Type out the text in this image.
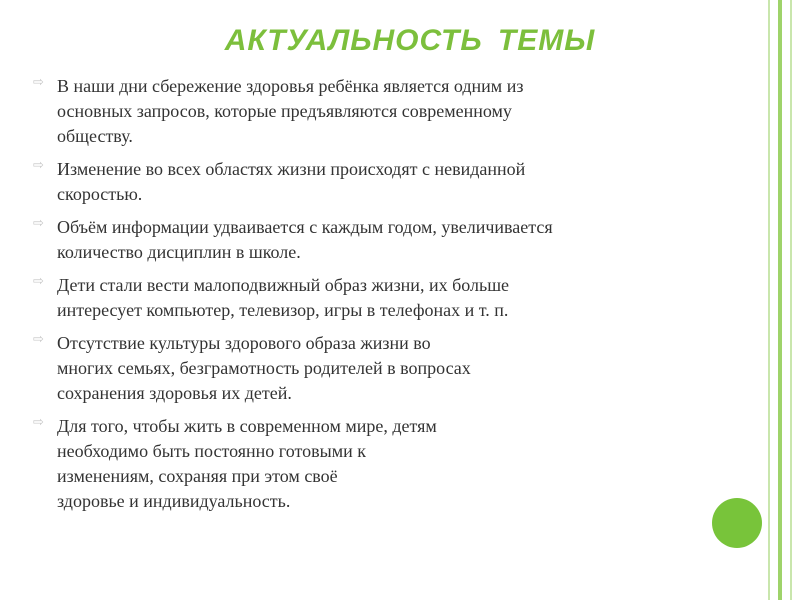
АКТУАЛЬНОСТЬ ТЕМЫ
⇨ В наши дни сбережение здоровья ребёнка является одним из
основных запросов, которые предъявляются современному
обществу.
⇨ Изменение во всех областях жизни происходят с невиданной
скоростью.
⇨ Объём информации удваивается с каждым годом, увеличивается
количество дисциплин в школе.
⇨ Дети стали вести малоподвижный образ жизни, их больше
интересует компьютер, телевизор, игры в телефонах и т. п.
⇨ Отсутствие культуры здорового образа жизни во
многих семьях, безграмотность родителей в вопросах
сохранения здоровья их детей.
⇨ Для того, чтобы жить в современном мире, детям
необходимо быть постоянно готовыми к
изменениям, сохраняя при этом своё
здоровье и индивидуальность.
